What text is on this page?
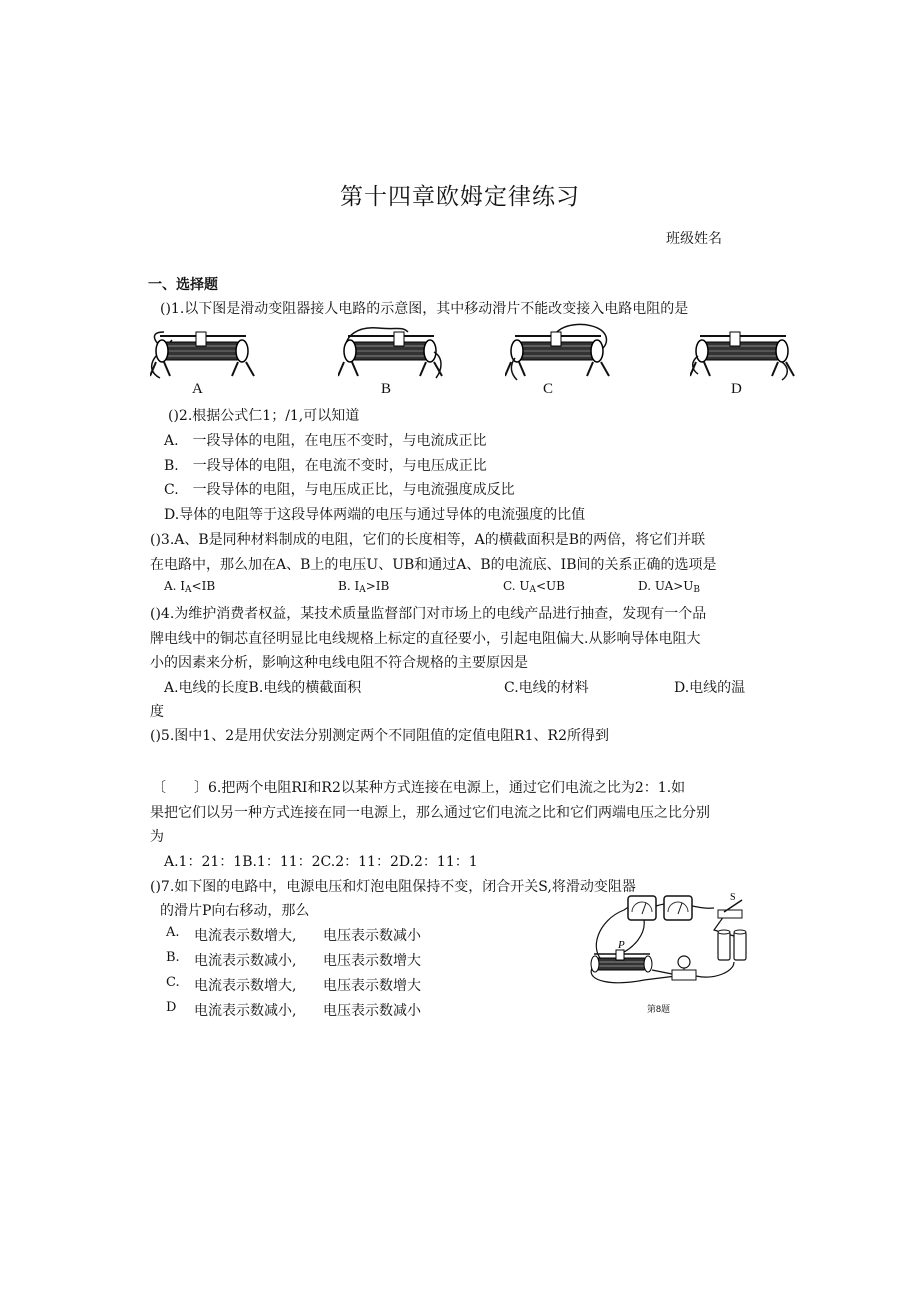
第十四章欧姆定律练习
班级姓名
一、选择题
()1.以下图是滑动变阻器接人电路的示意图，其中移动滑片不能改变接入电路电阻的是
A	B	C	D
()2.根据公式仁1；/1,可以知道
A.　一段导体的电阻，在电压不变时，与电流成正比
B.　一段导体的电阻，在电流不变时，与电压成正比
C.　一段导体的电阻，与电压成正比，与电流强度成反比
D.导体的电阻等于这段导体两端的电压与通过导体的电流强度的比值
()3.A、B是同种材料制成的电阻，它们的长度相等，A的横截面积是B的两倍，将它们并联
在电路中，那么加在A、B上的电压U、UB和通过A、B的电流底、IB间的关系正确的选项是
A. $I_A<IB$	B. $I_A>IB$	C. $U_A<UB$	D. $UA>U_B$
()4.为维护消费者权益，某技术质量监督部门对市场上的电线产品进行抽查，发现有一个品
牌电线中的铜芯直径明显比电线规格上标定的直径要小，引起电阻偏大.从影响导体电阻大
小的因素来分析，影响这种电线电阻不符合规格的主要原因是
A.电线的长度B.电线的横截面积	C.电线的材料	D.电线的温
度
()5.图中1、2是用伏安法分别测定两个不同阻值的定值电阻R1、R2所得到
〔　　〕6.把两个电阻RI和R2以某种方式连接在电源上，通过它们电流之比为2：1.如
果把它们以另一种方式连接在同一电源上，那么通过它们电流之比和它们两端电压之比分别
为
A.1：21：1B.1：11：2C.2：11：2D.2：11：1
()7.如下图的电路中，电源电压和灯泡电阻保持不变，闭合开关S,将滑动变阻器
的滑片P向右移动，那么
A. 电流表示数增大, 电压表示数减小
B. 电流表示数减小, 电压表示数增大
C. 电流表示数增大, 电压表示数增大
D 电流表示数减小, 电压表示数减小
S
P
第8题
